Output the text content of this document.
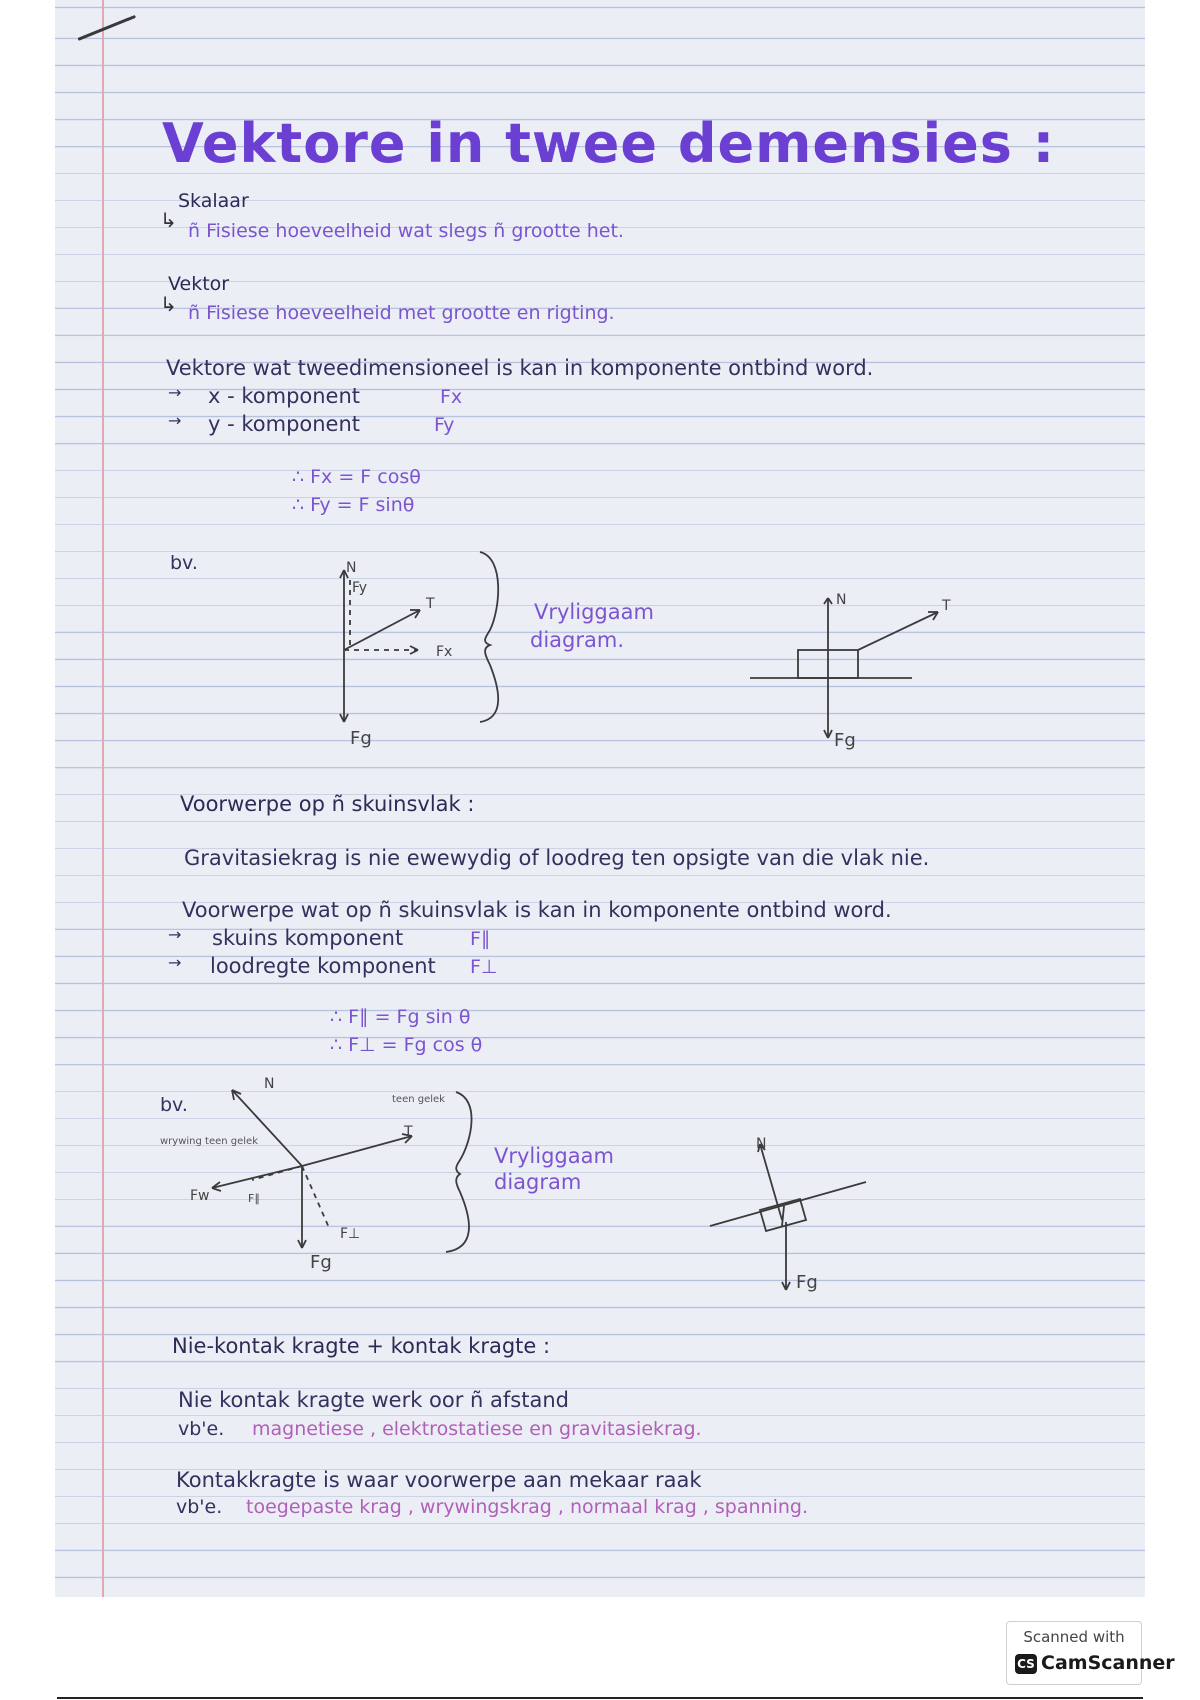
Vektore in twee demensies :
Skalaar
↳ ñ Fisiese hoeveelheid wat slegs ñ grootte het.
Vektor
↳ ñ Fisiese hoeveelheid met grootte en rigting.
Vektore wat tweedimensioneel is kan in komponente ontbind word.
→ x - komponent	Fx
→ y - komponent	Fy
∴ Fx = F cosθ
∴ Fy = F sinθ
bv.	N
Fy
T
Fx
Fg
Vryliggaam
diagram.
N	T
Fg
Voorwerpe op ñ skuinsvlak :
Gravitasiekrag is nie ewewydig of loodreg ten opsigte van die vlak nie.
Voorwerpe wat op ñ skuinsvlak is kan in komponente ontbind word.
→ skuins komponent	F∥
→ loodregte komponent F⊥
∴ F∥ = Fg sin θ
∴ F⊥ = Fg cos θ
bv.
N
T
teen gelek
wrywing teen gelek
Fw	F∥
F⊥
Fg
Vryliggaam
diagram
N
Fg
Nie-kontak kragte + kontak kragte :
Nie kontak kragte werk oor ñ afstand
vb'e. magnetiese , elektrostatiese en gravitasiekrag.
Kontakkragte is waar voorwerpe aan mekaar raak
vb'e. toegepaste krag , wrywingskrag , normaal krag , spanning.
Scanned with
CS CamScanner
